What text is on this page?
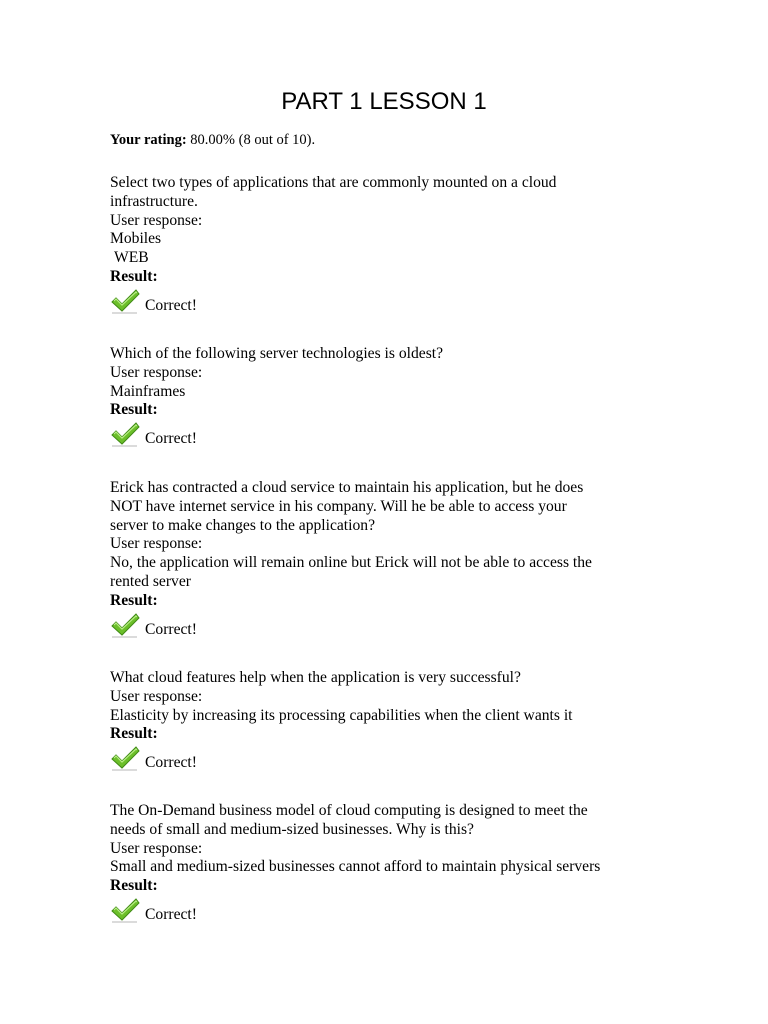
PART 1 LESSON 1
Your rating: 80.00% (8 out of 10).

Select two types of applications that are commonly mounted on a cloud

infrastructure.

User response:

Mobiles

WEB

Result:

Correct!

Which of the following server technologies is oldest?

User response:

Mainframes

Result:

Correct!

Erick has contracted a cloud service to maintain his application, but he does

NOT have internet service in his company. Will he be able to access your

server to make changes to the application?

User response:

No, the application will remain online but Erick will not be able to access the

rented server

Result:

Correct!

What cloud features help when the application is very successful?

User response:

Elasticity by increasing its processing capabilities when the client wants it

Result:

Correct!

The On-Demand business model of cloud computing is designed to meet the

needs of small and medium-sized businesses. Why is this?

User response:

Small and medium-sized businesses cannot afford to maintain physical servers

Result:

Correct!
